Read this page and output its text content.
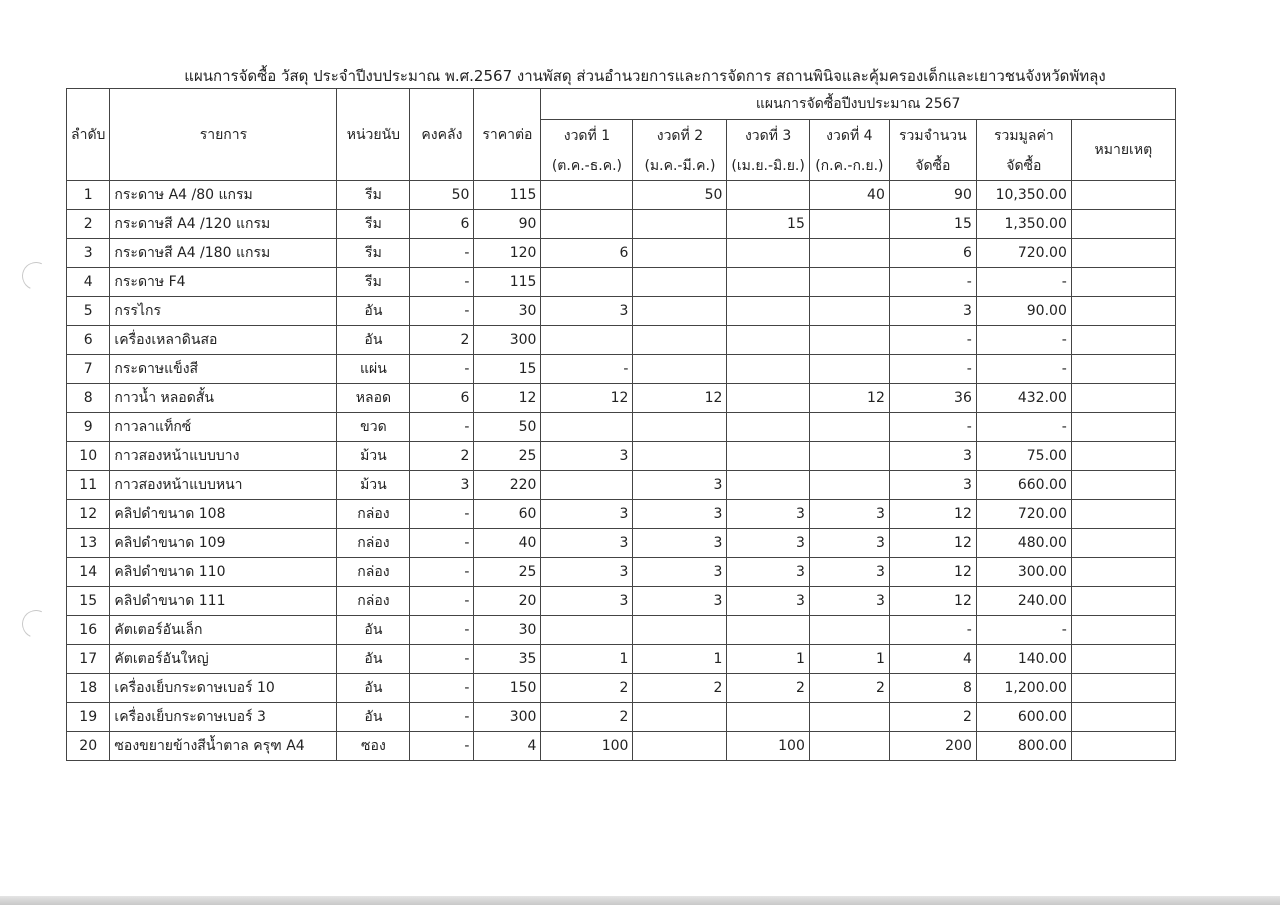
แผนการจัดซื้อ วัสดุ ประจำปีงบประมาณ พ.ศ.2567 งานพัสดุ ส่วนอำนวยการและการจัดการ สถานพินิจและคุ้มครองเด็กและเยาวชนจังหวัดพัทลุง
ลำดับ	รายการ	หน่วยนับ	คงคลัง	ราคาต่อ	แผนการจัดซื้อปีงบประมาณ 2567						
					งวดที่ 1	งวดที่ 2	งวดที่ 3	งวดที่ 4	รวมจำนวน	รวมมูลค่า	หมายเหตุ
					(ต.ค.-ธ.ค.)	(ม.ค.-มี.ค.)	(เม.ย.-มิ.ย.)	(ก.ค.-ก.ย.)	จัดซื้อ	จัดซื้อ	
1	กระดาษ A4 /80 แกรม	รีม	50	115		50		40	90	10,350.00	
2	กระดาษสี A4 /120 แกรม	รีม	6	90			15		15	1,350.00	
3	กระดาษสี A4 /180 แกรม	รีม	-	120	6				6	720.00	
4	กระดาษ F4	รีม	-	115					-	-	
5	กรรไกร	อัน	-	30	3				3	90.00	
6	เครื่องเหลาดินสอ	อัน	2	300					-	-	
7	กระดาษแข็งสี	แผ่น	-	15	-				-	-	
8	กาวน้ำ หลอดสั้น	หลอด	6	12	12	12		12	36	432.00	
9	กาวลาแท็กซ์	ขวด	-	50					-	-	
10	กาวสองหน้าแบบบาง	ม้วน	2	25	3				3	75.00	
11	กาวสองหน้าแบบหนา	ม้วน	3	220		3			3	660.00	
12	คลิปดำขนาด 108	กล่อง	-	60	3	3	3	3	12	720.00	
13	คลิปดำขนาด 109	กล่อง	-	40	3	3	3	3	12	480.00	
14	คลิปดำขนาด 110	กล่อง	-	25	3	3	3	3	12	300.00	
15	คลิปดำขนาด 111	กล่อง	-	20	3	3	3	3	12	240.00	
16	คัตเตอร์อันเล็ก	อัน	-	30					-	-	
17	คัตเตอร์อันใหญ่	อัน	-	35	1	1	1	1	4	140.00	
18	เครื่องเย็บกระดาษเบอร์ 10	อัน	-	150	2	2	2	2	8	1,200.00	
19	เครื่องเย็บกระดาษเบอร์ 3	อัน	-	300	2				2	600.00	
20	ซองขยายข้างสีน้ำตาล ครุฑ A4	ซอง	-	4	100		100		200	800.00	
